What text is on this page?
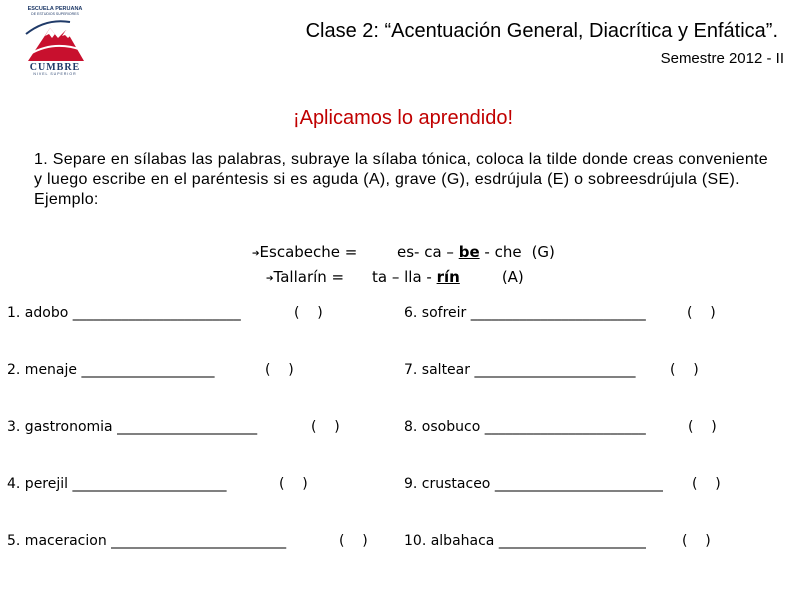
ESCUELA PERUANA
DE ESTUDIOS SUPERIORES
CUMBRE
NIVEL SUPERIOR
Clase 2: “Acentuación General, Diacrítica y Enfática”.
Semestre 2012 - II
¡Aplicamos lo aprendido!
1. Separe en sílabas las palabras, subraye la sílaba tónica, coloca la tilde donde creas conveniente y luego escribe en el paréntesis si es aguda (A), grave (G), esdrújula (E) o sobreesdrújula (SE).
Ejemplo:
➔Escabeche =	es- ca – be - che (G)
➔Tallarín = ta – lla - rín	(A)
1. adobo ________________________	(    )
2. menaje ___________________	(    )
3. gastronomia ____________________	(    )
4. perejil ______________________	(    )
5. maceracion _________________________	(    )
6. sofreir _________________________	(    )
7. saltear _______________________ (    )
8. osobuco _______________________	(    )
9. crustaceo ________________________ (    )
10. albahaca _____________________	(    )
